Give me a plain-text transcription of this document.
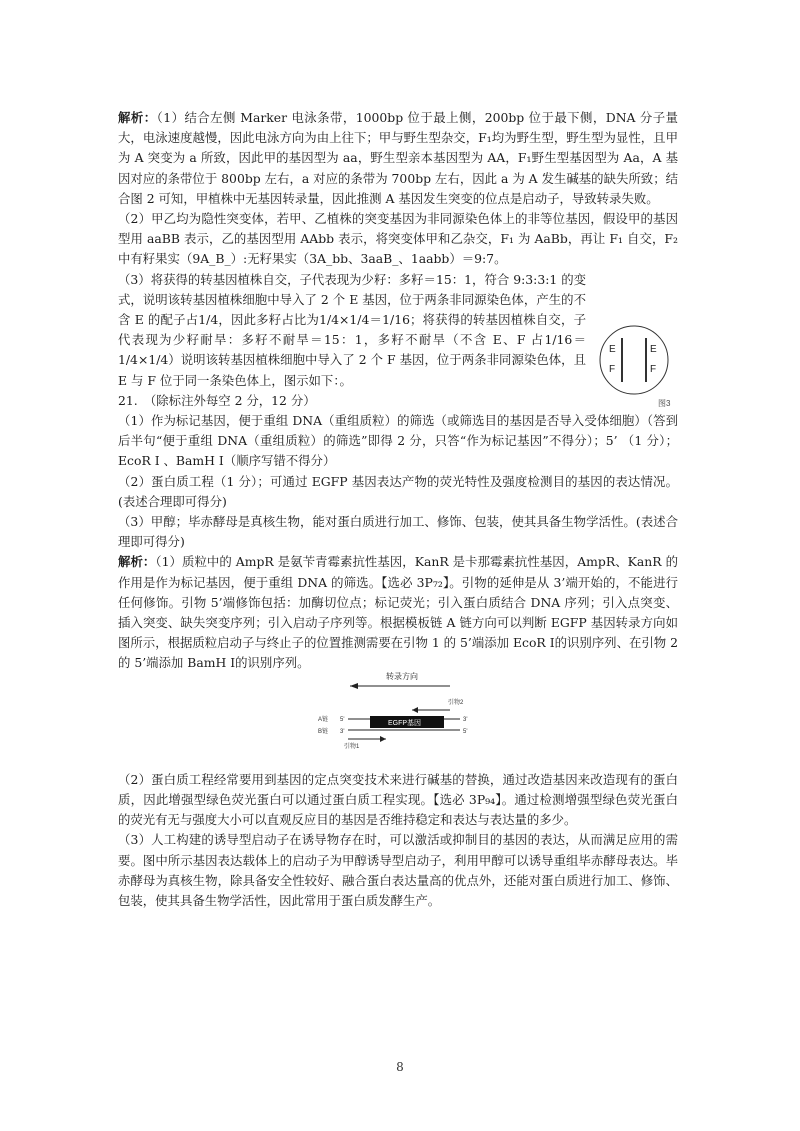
解析：（1）结合左侧 Marker 电泳条带，1000bp 位于最上侧，200bp 位于最下侧，DNA 分子量大，电泳速度越慢，因此电泳方向为由上往下；甲与野生型杂交，F₁均为野生型，野生型为显性，且甲为 A 突变为 a 所致，因此甲的基因型为 aa，野生型亲本基因型为 AA，F₁野生型基因型为 Aa，A 基因对应的条带位于 800bp 左右，a 对应的条带为 700bp 左右，因此 a 为 A 发生碱基的缺失所致；结合图 2 可知，甲植株中无基因转录量，因此推测 A 基因发生突变的位点是启动子，导致转录失败。

（2）甲乙均为隐性突变体，若甲、乙植株的突变基因为非同源染色体上的非等位基因，假设甲的基因型用 aaBB 表示，乙的基因型用 AAbb 表示，将突变体甲和乙杂交，F₁ 为 AaBb，再让 F₁ 自交，F₂ 中有籽果实（9A_B_）:无籽果实（3A_bb、3aaB_、1aabb）＝9:7。

（3）将获得的转基因植株自交，子代表现为少籽：多籽＝15：1，符合 9:3:3:1 的变式，说明该转基因植株细胞中导入了 2 个 E 基因，位于两条非同源染色体，产生的不含 E 的配子占1/4，因此多籽占比为1/4×1/4＝1/16；将获得的转基因植株自交，子代表现为少籽耐旱：多籽不耐旱＝15：1，多籽不耐旱（不含 E、F 占1/16＝1/4×1/4）说明该转基因植株细胞中导入了 2 个 F 基因，位于两条非同源染色体，且 E 与 F 位于同一条染色体上，图示如下：。

21.　（除标注外每空 2 分，12 分）

（1）作为标记基因，便于重组 DNA（重组质粒）的筛选（或筛选目的基因是否导入受体细胞）（答到后半句“便于重组 DNA（重组质粒）的筛选”即得 2 分，只答“作为标记基因”不得分）；5’ （1 分）；EcoR Ⅰ 、BamH Ⅰ（顺序写错不得分）

（2）蛋白质工程（1 分）；可通过 EGFP 基因表达产物的荧光特性及强度检测目的基因的表达情况。(表述合理即可得分)

（3）甲醇；毕赤酵母是真核生物，能对蛋白质进行加工、修饰、包装，使其具备生物学活性。(表述合理即可得分)

解析：（1）质粒中的 AmpR 是氨苄青霉素抗性基因，KanR 是卡那霉素抗性基因，AmpR、KanR 的作用是作为标记基因，便于重组 DNA 的筛选。【选必 3P₇₂】。引物的延伸是从 3’端开始的，不能进行任何修饰。引物 5’端修饰包括：加酶切位点；标记荧光；引入蛋白质结合 DNA 序列；引入点突变、插入突变、缺失突变序列；引入启动子序列等。根据模板链 A 链方向可以判断 EGFP 基因转录方向如图所示，根据质粒启动子与终止子的位置推测需要在引物 1 的 5’端添加 EcoR Ⅰ的识别序列、在引物 2 的 5’端添加 BamH Ⅰ的识别序列。

（2）蛋白质工程经常要用到基因的定点突变技术来进行碱基的替换，通过改造基因来改造现有的蛋白质，因此增强型绿色荧光蛋白可以通过蛋白质工程实现。【选必 3P₉₄】。通过检测增强型绿色荧光蛋白的荧光有无与强度大小可以直观反应目的基因是否维持稳定和表达与表达量的多少。

（3）人工构建的诱导型启动子在诱导物存在时，可以激活或抑制目的基因的表达，从而满足应用的需要。图中所示基因表达载体上的启动子为甲醇诱导型启动子，利用甲醇可以诱导重组毕赤酵母表达。毕赤酵母为真核生物，除具备安全性较好、融合蛋白表达量高的优点外，还能对蛋白质进行加工、修饰、包装，使其具备生物学活性，因此常用于蛋白质发酵生产。

E
F
E
F
图3
转录方向
引物2
A链 5'	3'
EGFP基因
B链 3'	5'
引物1
8
